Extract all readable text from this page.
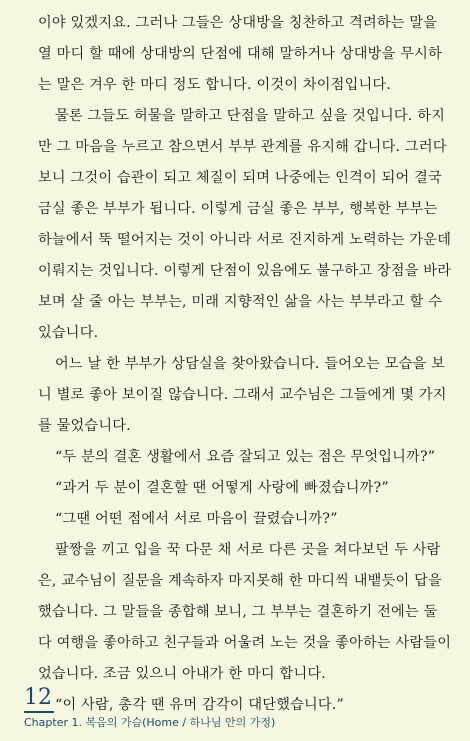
이야 있겠지요. 그러나 그들은 상대방을 칭찬하고 격려하는 말을
열 마디 할 때에 상대방의 단점에 대해 말하거나 상대방을 무시하
는 말은 겨우 한 마디 정도 합니다. 이것이 차이점입니다.
물론 그들도 허물을 말하고 단점을 말하고 싶을 것입니다. 하지
만 그 마음을 누르고 참으면서 부부 관계를 유지해 갑니다. 그러다
보니 그것이 습관이 되고 체질이 되며 나중에는 인격이 되어 결국
금실 좋은 부부가 됩니다. 이렇게 금실 좋은 부부, 행복한 부부는
하늘에서 뚝 떨어지는 것이 아니라 서로 진지하게 노력하는 가운데
이뤄지는 것입니다. 이렇게 단점이 있음에도 불구하고 장점을 바라
보며 살 줄 아는 부부는, 미래 지향적인 삶을 사는 부부라고 할 수
있습니다.
어느 날 한 부부가 상담실을 찾아왔습니다. 들어오는 모습을 보
니 별로 좋아 보이질 않습니다. 그래서 교수님은 그들에게 몇 가지
를 물었습니다.
“두 분의 결혼 생활에서 요즘 잘되고 있는 점은 무엇입니까?”
“과거 두 분이 결혼할 땐 어떻게 사랑에 빠졌습니까?”
“그땐 어떤 점에서 서로 마음이 끌렸습니까?”
팔짱을 끼고 입을 꾹 다문 채 서로 다른 곳을 쳐다보던 두 사람
은, 교수님이 질문을 계속하자 마지못해 한 마디씩 내뱉듯이 답을
했습니다. 그 말들을 종합해 보니, 그 부부는 결혼하기 전에는 둘
다 여행을 좋아하고 친구들과 어울려 노는 것을 좋아하는 사람들이
었습니다. 조금 있으니 아내가 한 마디 합니다.
“이 사람, 총각 땐 유머 감각이 대단했습니다.”
12
Chapter 1. 복음의 가슴(Home / 하나님 안의 가정)
